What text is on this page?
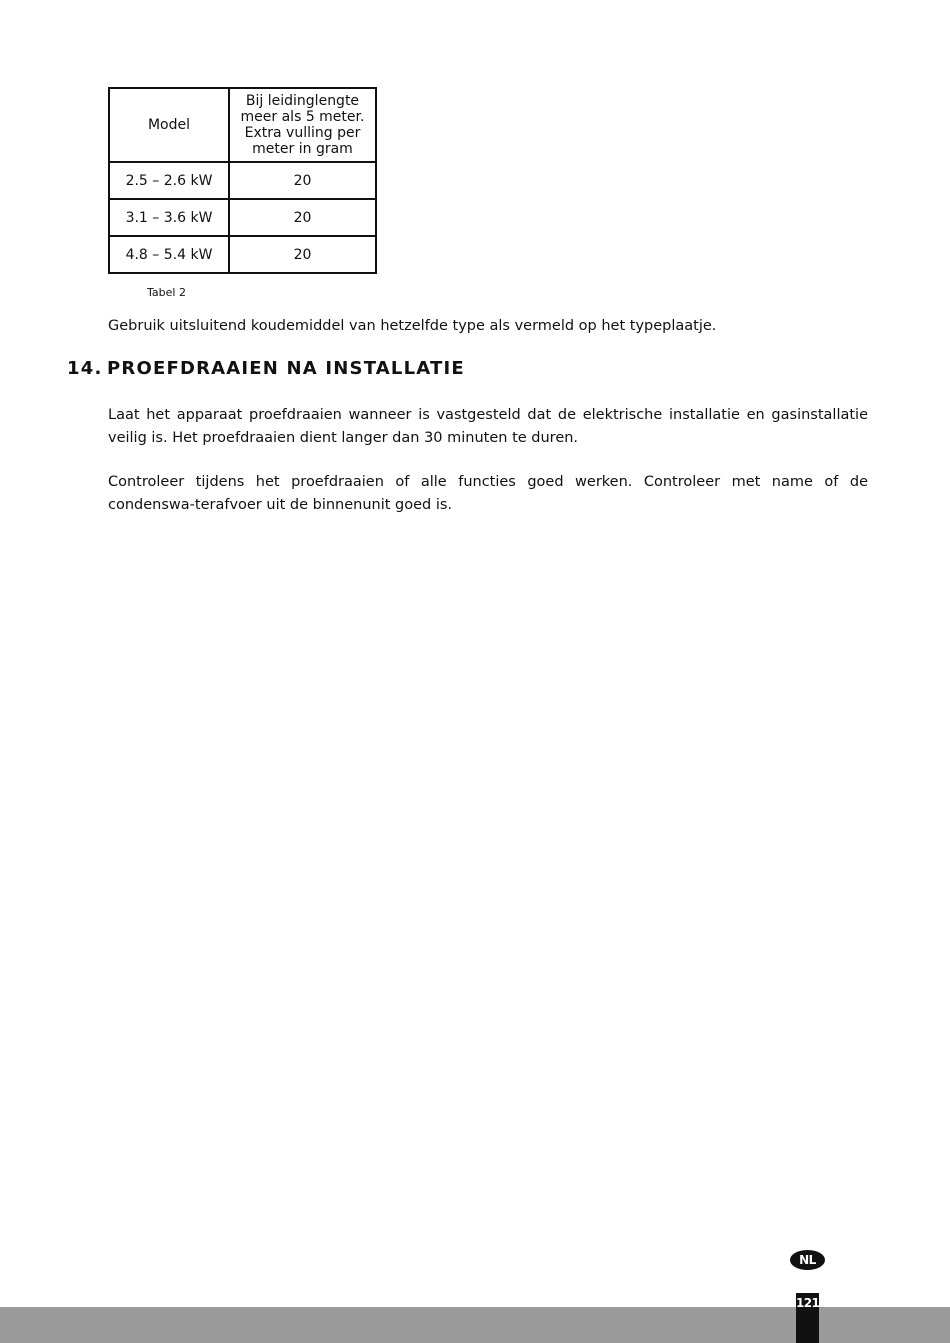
Model	Bij leidinglengte
meer als 5 meter.
Extra vulling per
meter in gram
2.5 – 2.6 kW	20
3.1 – 3.6 kW	20
4.8 – 5.4 kW	20
Tabel 2

Gebruik uitsluitend koudemiddel van hetzelfde type als vermeld op het typeplaatje.

14. PROEFDRAAIEN NA INSTALLATIE

Laat het apparaat proefdraaien wanneer is vastgesteld dat de elektrische installatie en gasinstallatie veilig is. Het proefdraaien dient langer dan 30 minuten te duren.

Controleer tijdens het proefdraaien of alle functies goed werken. Controleer met name of de condenswa-terafvoer uit de binnenunit goed is.

NL
121
